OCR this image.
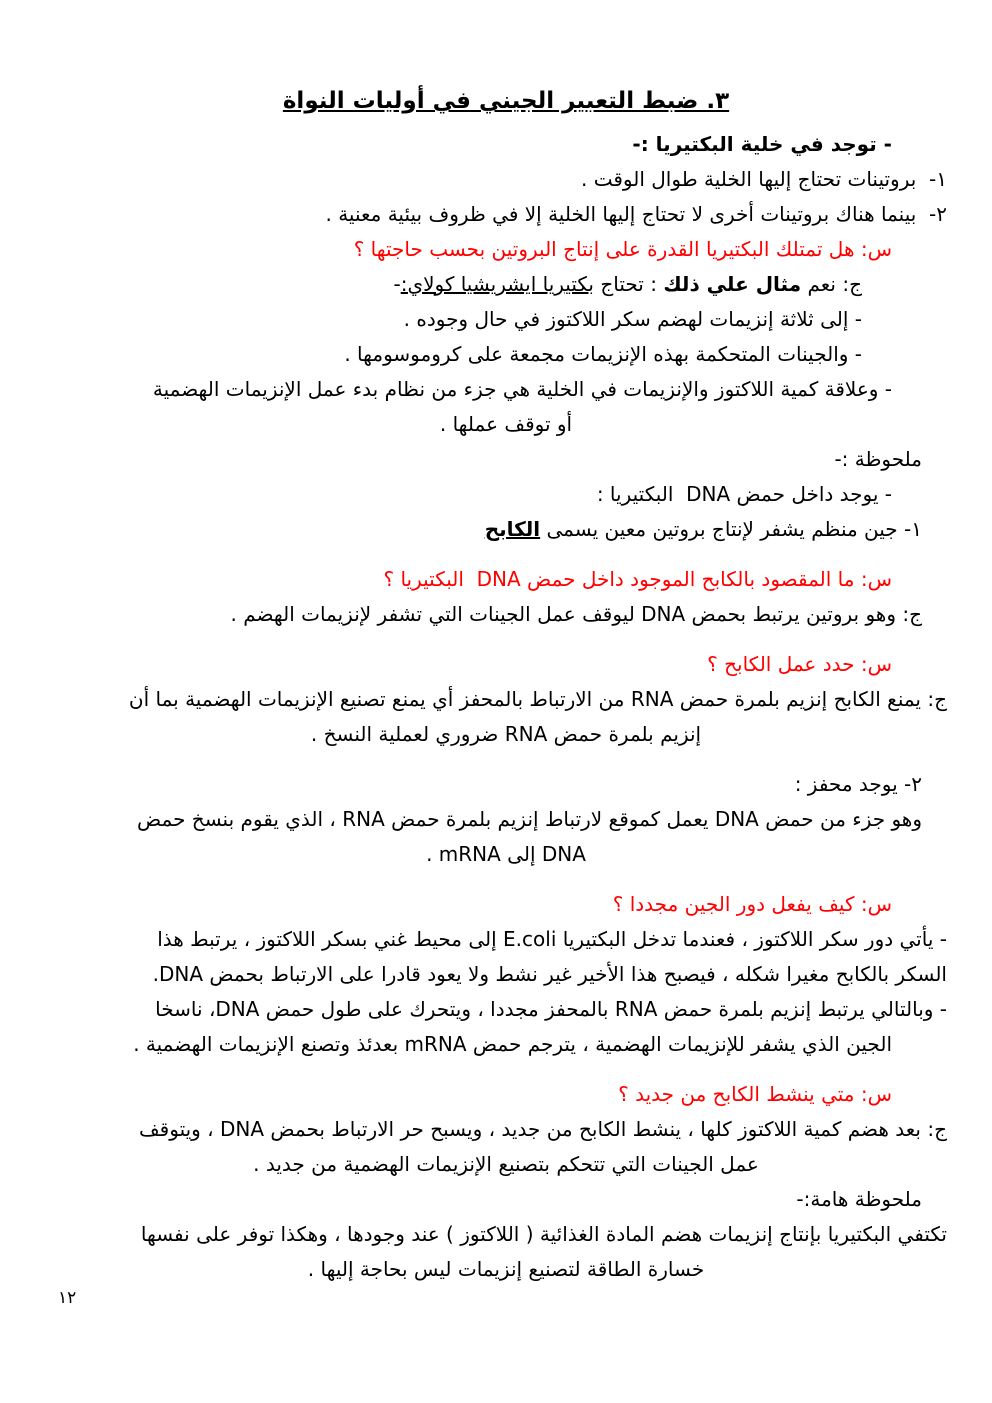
٣. ضبط التعبير الجيني في أوليات النواة
- توجد في خلية البكتيريا :-
١-  بروتينات تحتاج إليها الخلية طوال الوقت .
٢-  بينما هناك بروتينات أخرى لا تحتاج إليها الخلية إلا في ظروف بيئية معنية .
س: هل تمتلك البكتيريا القدرة على إنتاج البروتين بحسب حاجتها ؟
ج: نعم مثال علي ذلك : تحتاج بكتيريا ايشريشيا كولاي:-
- إلى ثلاثة إنزيمات لهضم سكر اللاكتوز في حال وجوده .
- والجينات المتحكمة بهذه الإنزيمات مجمعة على كروموسومها .
- وعلاقة كمية اللاكتوز والإنزيمات في الخلية هي جزء من نظام بدء عمل الإنزيمات الهضمية
أو توقف عملها .
ملحوظة :-
- يوجد داخل حمض DNA  البكتيريا :
١- جين منظم يشفر لإنتاج بروتين معين يسمى الكابح
س: ما المقصود بالكابح الموجود داخل حمض DNA  البكتيريا ؟
ج: وهو بروتين يرتبط بحمض DNA ليوقف عمل الجينات التي تشفر لإنزيمات الهضم .
س: حدد عمل الكابح ؟
ج: يمنع الكابح إنزيم بلمرة حمض RNA من الارتباط بالمحفز أي يمنع تصنيع الإنزيمات الهضمية بما أن
إنزيم بلمرة حمض RNA ضروري لعملية النسخ .
٢- يوجد محفز :
وهو جزء من حمض DNA يعمل كموقع لارتباط إنزيم بلمرة حمض RNA ، الذي يقوم بنسخ حمض
DNA إلى mRNA .
س: كيف يفعل دور الجين مجددا ؟
- يأتي دور سكر اللاكتوز ، فعندما تدخل البكتيريا E.coli إلى محيط غني بسكر اللاكتوز ، يرتبط هذا
السكر بالكابح مغيرا شكله ، فيصبح هذا الأخير غير نشط ولا يعود قادرا على الارتباط بحمض DNA.
- وبالتالي يرتبط إنزيم بلمرة حمض RNA بالمحفز مجددا ، ويتحرك على طول حمض DNA، ناسخا
الجين الذي يشفر للإنزيمات الهضمية ، يترجم حمض mRNA بعدئذ وتصنع الإنزيمات الهضمية .
س: متي ينشط الكابح من جديد ؟
ج: بعد هضم كمية اللاكتوز كلها ، ينشط الكابح من جديد ، ويسبح حر الارتباط بحمض DNA ، ويتوقف
عمل الجينات التي تتحكم بتصنيع الإنزيمات الهضمية من جديد .
ملحوظة هامة:-
تكتفي البكتيريا بإنتاج إنزيمات هضم المادة الغذائية ( اللاكتوز ) عند وجودها ، وهكذا توفر على نفسها
خسارة الطاقة لتصنيع إنزيمات ليس بحاجة إليها .
١٢
